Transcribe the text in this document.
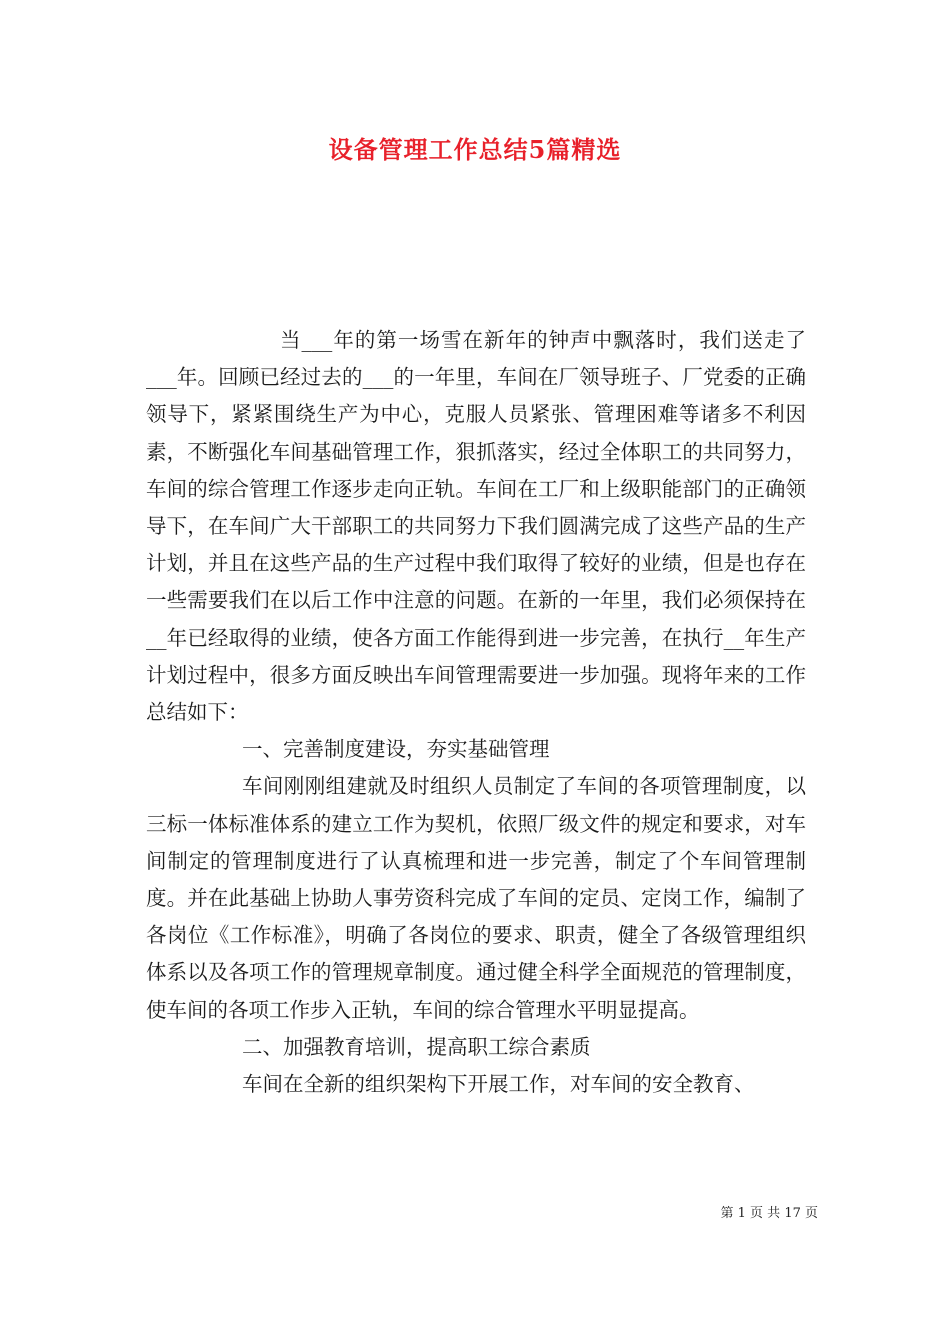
设备管理工作总结5篇精选

当___年的第一场雪在新年的钟声中飘落时，我们送走了___年。回顾已经过去的___的一年里，车间在厂领导班子、厂党委的正确领导下，紧紧围绕生产为中心，克服人员紧张、管理困难等诸多不利因素，不断强化车间基础管理工作，狠抓落实，经过全体职工的共同努力，车间的综合管理工作逐步走向正轨。车间在工厂和上级职能部门的正确领导下，在车间广大干部职工的共同努力下我们圆满完成了这些产品的生产计划，并且在这些产品的生产过程中我们取得了较好的业绩，但是也存在一些需要我们在以后工作中注意的问题。在新的一年里，我们必须保持在__年已经取得的业绩，使各方面工作能得到进一步完善，在执行__年生产计划过程中，很多方面反映出车间管理需要进一步加强。现将年来的工作总结如下：

一、完善制度建设，夯实基础管理

车间刚刚组建就及时组织人员制定了车间的各项管理制度，以三标一体标准体系的建立工作为契机，依照厂级文件的规定和要求，对车间制定的管理制度进行了认真梳理和进一步完善，制定了个车间管理制度。并在此基础上协助人事劳资科完成了车间的定员、定岗工作，编制了各岗位《工作标准》，明确了各岗位的要求、职责，健全了各级管理组织体系以及各项工作的管理规章制度。通过健全科学全面规范的管理制度，使车间的各项工作步入正轨，车间的综合管理水平明显提高。

二、加强教育培训，提高职工综合素质

车间在全新的组织架构下开展工作，对车间的安全教育、

第 1 页 共 17 页
